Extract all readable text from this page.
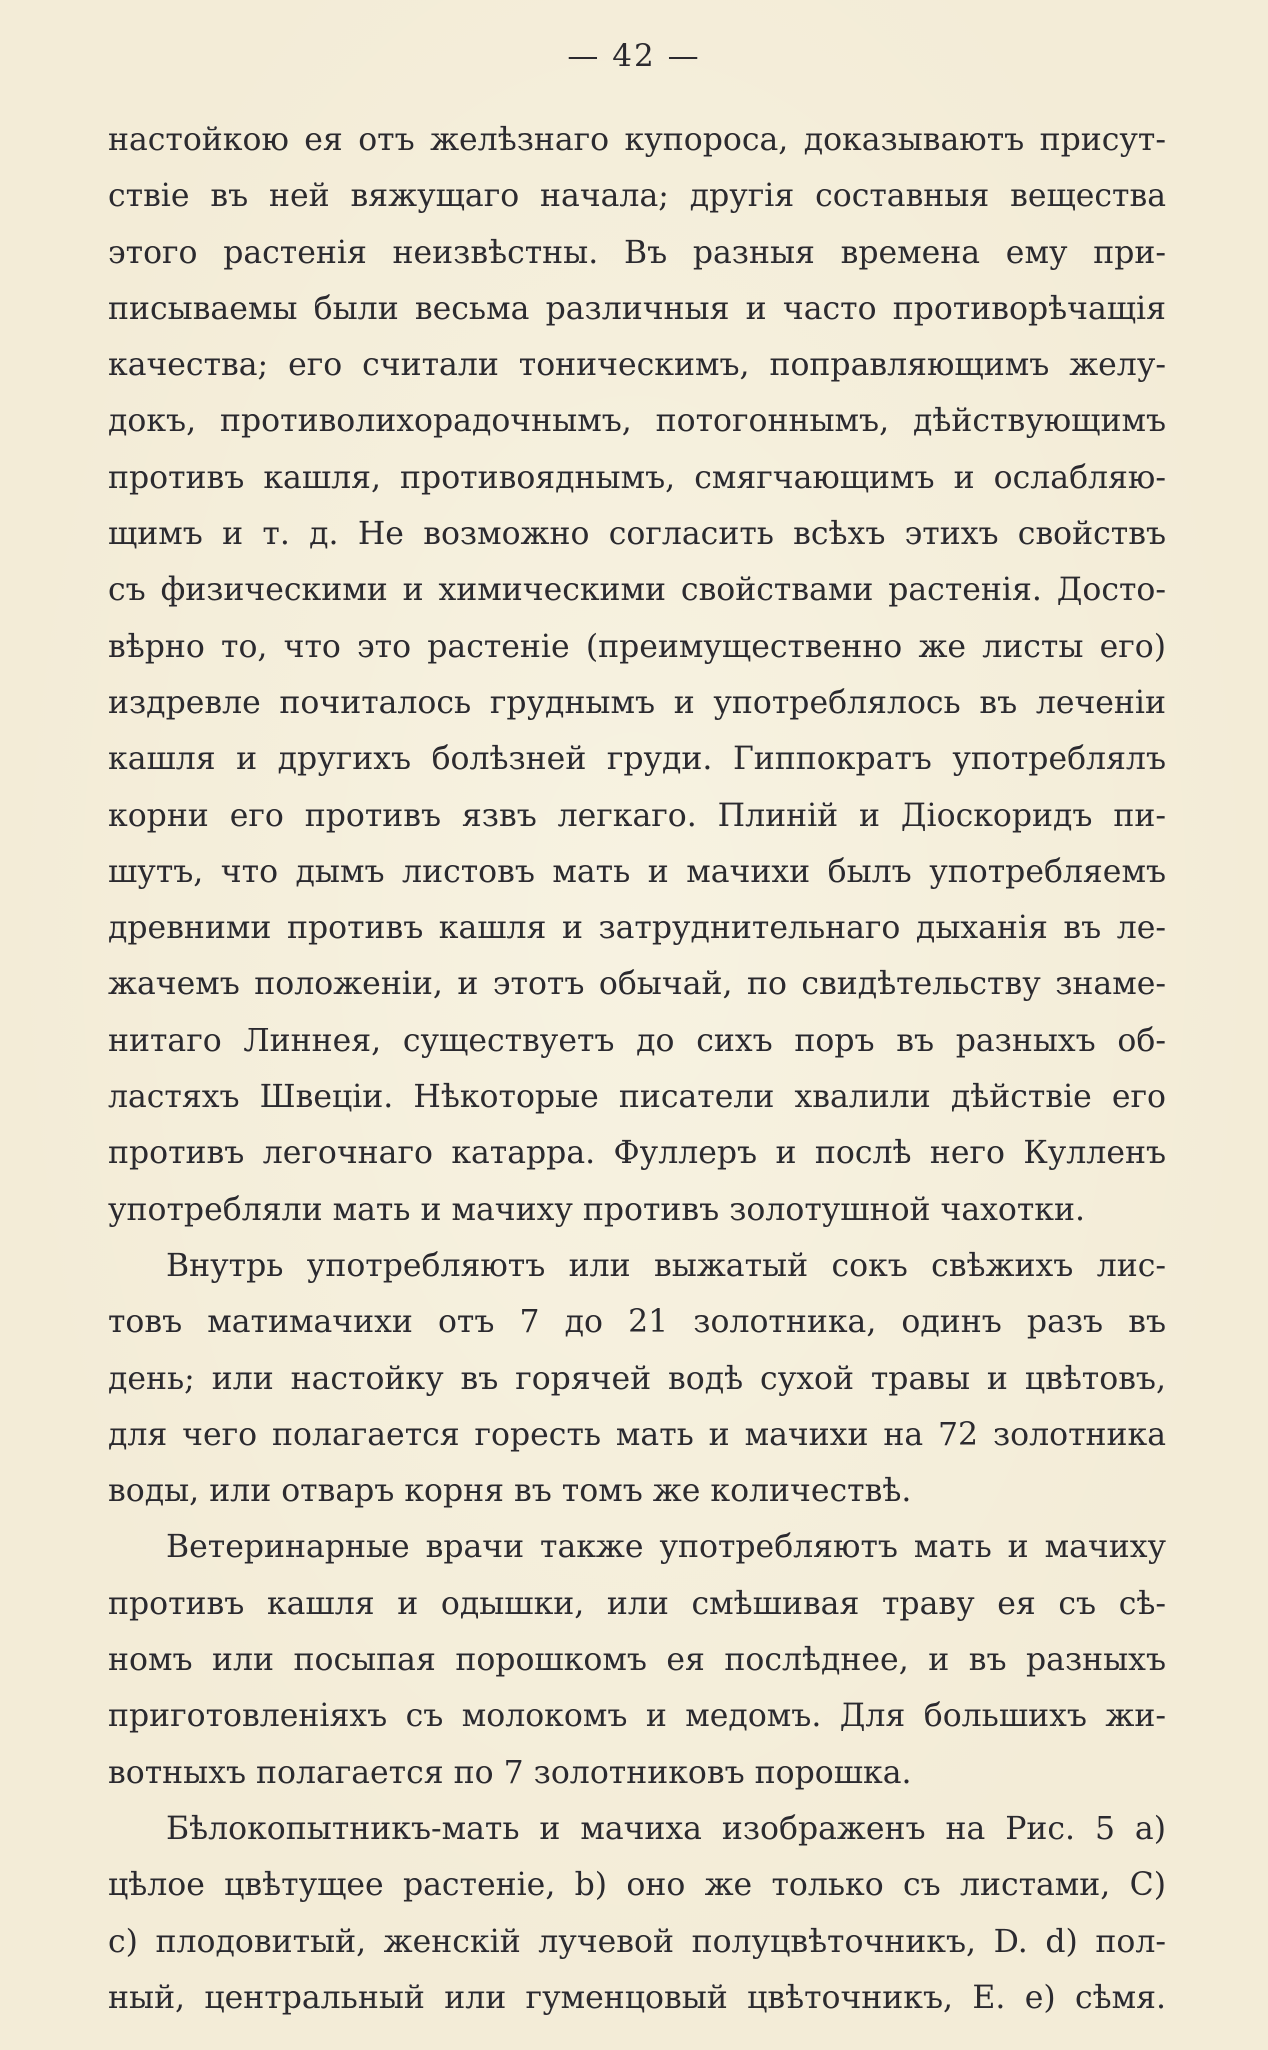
— 42 —
настойкою ея отъ желѣзнаго купороса, доказываютъ присут-
ствiе въ ней вяжущаго начала; другiя составныя вещества
этого растенiя неизвѣстны. Въ разныя времена ему при-
писываемы были весьма различныя и часто противорѣчащiя
качества; его считали тоническимъ, поправляющимъ желу-
докъ, противолихорадочнымъ, потогоннымъ, дѣйствующимъ
противъ кашля, противояднымъ, смягчающимъ и ослабляю-
щимъ и т. д. Не возможно согласить всѣхъ этихъ свойствъ
съ физическими и химическими свойствами растенiя. Досто-
вѣрно то, что это растенiе (преимущественно же листы его)
издревле почиталось груднымъ и употреблялось въ леченiи
кашля и другихъ болѣзней груди. Гиппократъ употреблялъ
корни его противъ язвъ легкаго. Плинiй и Дiоскоридъ пи-
шутъ, что дымъ листовъ мать и мачихи былъ употребляемъ
древними противъ кашля и затруднительнаго дыханiя въ ле-
жачемъ положенiи, и этотъ обычай, по свидѣтельству знаме-
нитаго Линнея, существуетъ до сихъ поръ въ разныхъ об-
ластяхъ Швецiи. Нѣкоторые писатели хвалили дѣйствiе его
противъ легочнаго катарра. Фуллеръ и послѣ него Кулленъ
употребляли мать и мачиху противъ золотушной чахотки.
Внутрь употребляютъ или выжатый сокъ свѣжихъ лис-
товъ матимачихи отъ 7 до 21 золотника, одинъ разъ въ
день; или настойку въ горячей водѣ сухой травы и цвѣтовъ,
для чего полагается горесть мать и мачихи на 72 золотника
воды, или отваръ корня въ томъ же количествѣ.
Ветеринарные врачи также употребляютъ мать и мачиху
противъ кашля и одышки, или смѣшивая траву ея съ сѣ-
номъ или посыпая порошкомъ ея послѣднее, и въ разныхъ
приготовленiяхъ съ молокомъ и медомъ. Для большихъ жи-
вотныхъ полагается по 7 золотниковъ порошка.
Бѣлокопытникъ-мать и мачиха изображенъ на Рис. 5 a)
цѣлое цвѣтущее растенiе, b) оно же только съ листами, C)
c) плодовитый, женскiй лучевой полуцвѣточникъ, D. d) пол-
ный, центральный или гуменцовый цвѣточникъ, E. e) сѣмя.
